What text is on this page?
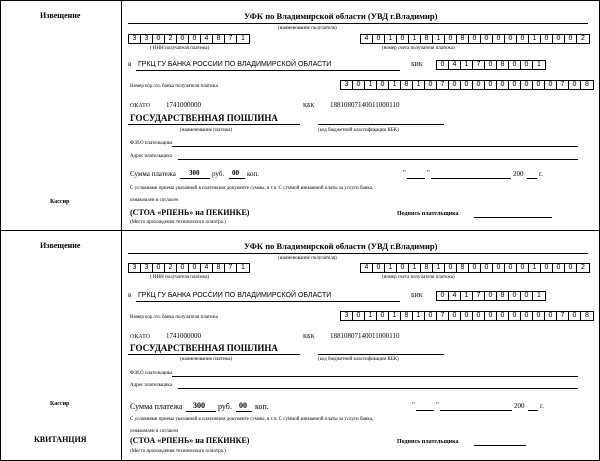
Извещение
Кассир
УФК по Владимирской области (УВД г.Владимир)
(наименование получателя)
3	3	0	2	0	0	4	8	7	1
( ИНН получателя платежа)
4	0	1	0	1	8	1	0	8	0	0	0	0	0	1	0	0	0	2
(номер счета получателя платежа)
в ГРКЦ ГУ БАНКА РОССИИ ПО ВЛАДИМИРСКОЙ ОБЛАСТИ	БИК	0	4	1	7	0	8	0	0	1
Номер кор./сч. банка получателя платежа	3	0	1	0	1	8	1	0	7	0	0	0	0	0	0	0	0	0	7	0	8
ОКАТО 1741000000	КБК 18810807140011000110
ГОСУДАРСТВЕННАЯ ПОШЛИНА
(наименование платежа)	(код бюджетной классификации КБК)
Ф.И.О плательщика
Адрес плательщика
Сумма платежа 300 руб. 00 коп.	"	"	200 г.
С условиями приема указанной в платежном документе суммы, в т.ч. С суммой взимаемой платы за услуги банка,
ознакомлен и согласен
(СТОА «РПЕНЬ» на ПЕКИНКЕ)
(Место прохождения технического осмотра.)
Подпись плательщика
Извещение
Кассир
КВИТАНЦИЯ
УФК по Владимирской области (УВД г.Владимир)
(наименование получателя)
3	3	0	2	0	0	4	8	7	1
( ИНН получателя платежа)
4	0	1	0	1	8	1	0	8	0	0	0	0	0	1	0	0	0	2
(номер счета получателя платежа)
в ГРКЦ ГУ БАНКА РОССИИ ПО ВЛАДИМИРСКОЙ ОБЛАСТИ	БИК	0	4	1	7	0	8	0	0	1
Номер кор./сч. банка получателя платежа	3	0	1	0	1	8	1	0	7	0	0	0	0	0	0	0	0	0	7	0	8
ОКАТО 1741000000	КБК 18810807140011000110
ГОСУДАРСТВЕННАЯ ПОШЛИНА
(наименование платежа)	(код бюджетной классификации КБК)
Ф.И.О плательщика
Адрес плательщика
Сумма платежа 300 руб. 00 коп.	"	"	200 г.
С условиями приема указанной в платежном документе суммы, в т.ч. С суммой взимаемой платы за услуги банка,
ознакомлен и согласен
(СТОА «РПЕНЬ» на ПЕКИНКЕ)
(Место прохождения технического осмотра.)
Подпись плательщика
